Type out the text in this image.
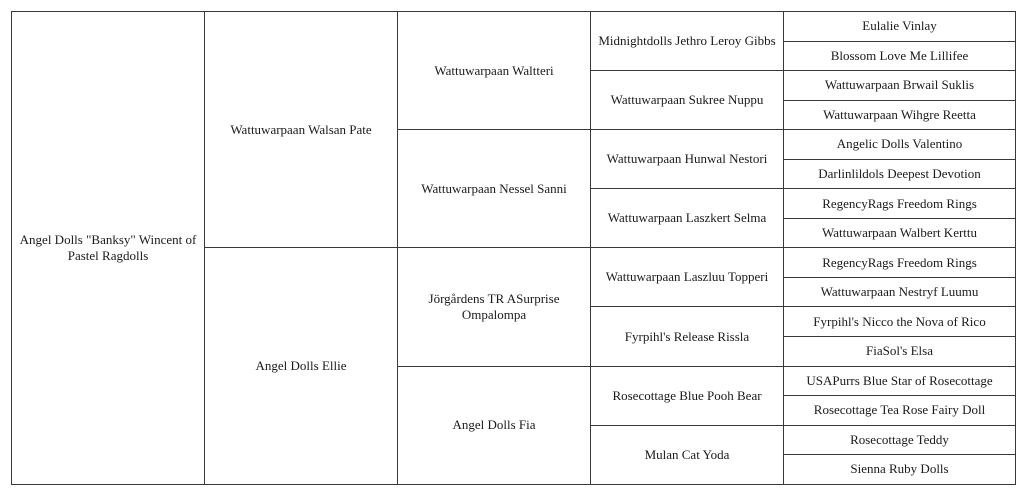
Angel Dolls "Banksy" Wincent of Pastel Ragdolls	Wattuwarpaan Walsan Pate	Wattuwarpaan Waltteri	Midnightdolls Jethro Leroy Gibbs	Eulalie Vinlay
				Blossom Love Me Lillifee
			Wattuwarpaan Sukree Nuppu	Wattuwarpaan Brwail Suklis
				Wattuwarpaan Wihgre Reetta
		Wattuwarpaan Nessel Sanni	Wattuwarpaan Hunwal Nestori	Angelic Dolls Valentino
				Darlinlildols Deepest Devotion
			Wattuwarpaan Laszkert Selma	RegencyRags Freedom Rings
				Wattuwarpaan Walbert Kerttu
	Angel Dolls Ellie	Jörgårdens TR ASurprise Ompalompa	Wattuwarpaan Laszluu Topperi	RegencyRags Freedom Rings
				Wattuwarpaan Nestryf Luumu
			Fyrpihl's Release Rissla	Fyrpihl's Nicco the Nova of Rico
				FiaSol's Elsa
		Angel Dolls Fia	Rosecottage Blue Pooh Bear	USAPurrs Blue Star of Rosecottage
				Rosecottage Tea Rose Fairy Doll
			Mulan Cat Yoda	Rosecottage Teddy
				Sienna Ruby Dolls
